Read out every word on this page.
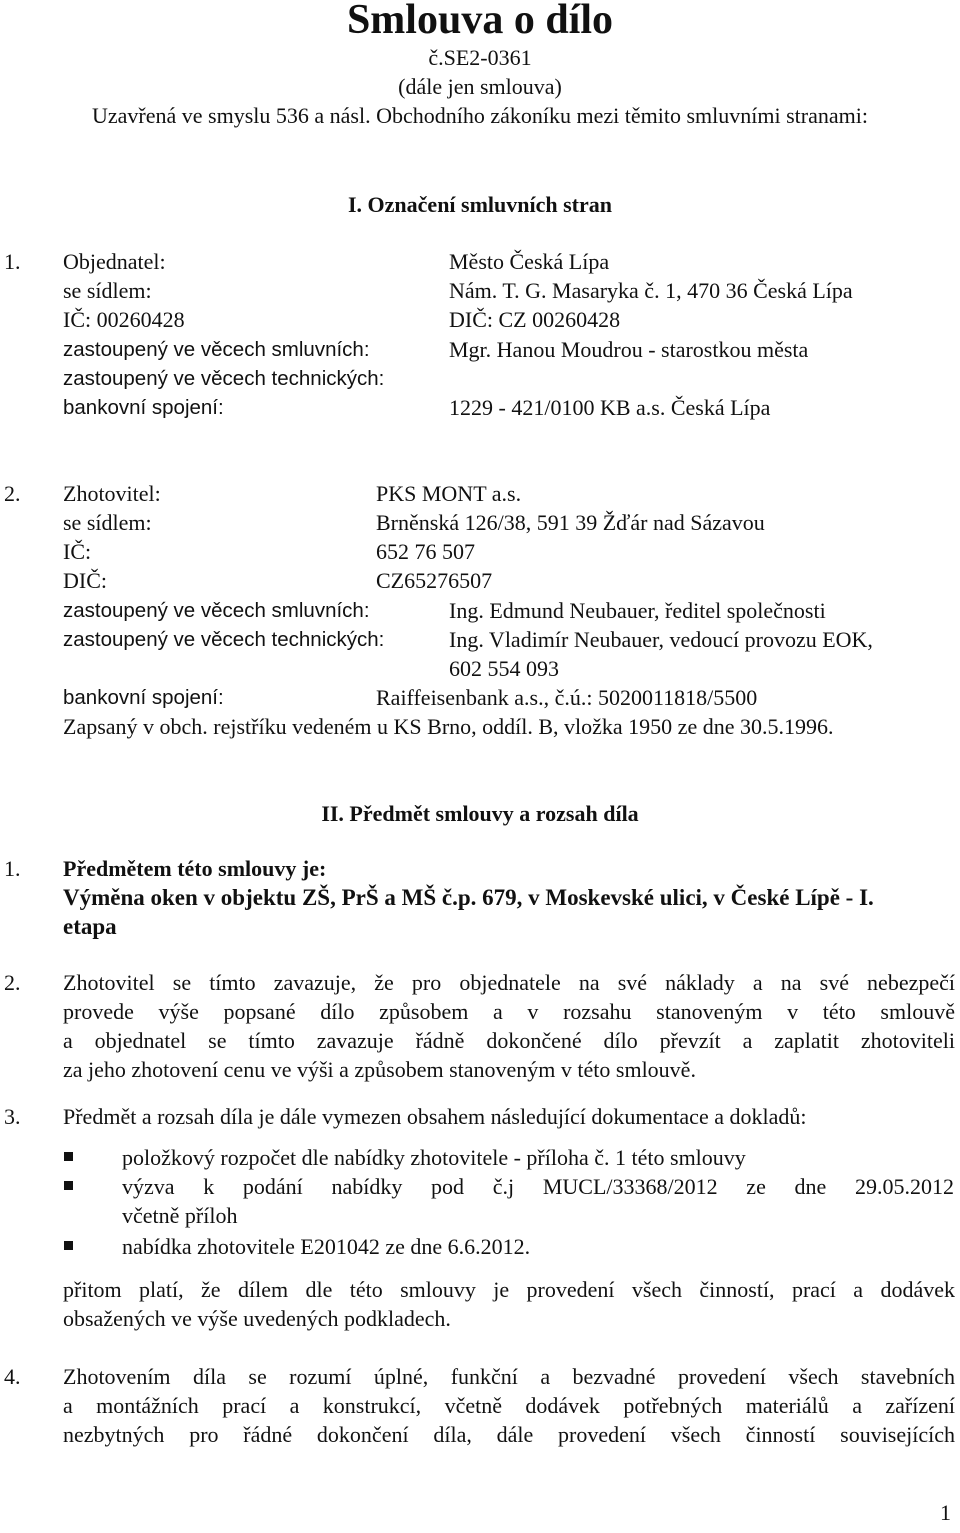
Smlouva o dílo
č.SE2-0361
(dále jen smlouva)
Uzavřená ve smyslu 536 a násl. Obchodního zákoníku mezi těmito smluvními stranami:
I. Označení smluvních stran
1. Objednatel:	Město Česká Lípa
se sídlem:	Nám. T. G. Masaryka č. 1, 470 36 Česká Lípa
IČ: 00260428	DIČ: CZ 00260428
zastoupený ve věcech smluvních:	Mgr. Hanou Moudrou - starostkou města
zastoupený ve věcech technických:
bankovní spojení:	1229 - 421/0100 KB a.s. Česká Lípa
2. Zhotovitel:	PKS MONT a.s.
se sídlem:	Brněnská 126/38, 591 39 Žďár nad Sázavou
IČ:	652 76 507
DIČ:	CZ65276507
zastoupený ve věcech smluvních:	Ing. Edmund Neubauer, ředitel společnosti
zastoupený ve věcech technických:	Ing. Vladimír Neubauer, vedoucí provozu EOK,
602 554 093
bankovní spojení:	Raiffeisenbank a.s., č.ú.: 5020011818/5500
Zapsaný v obch. rejstříku vedeném u KS Brno, oddíl. B, vložka 1950 ze dne 30.5.1996.
II. Předmět smlouvy a rozsah díla
1. Předmětem této smlouvy je:
Výměna oken v objektu ZŠ, PrŠ a MŠ č.p. 679, v Moskevské ulici, v České Lípě - I.
etapa
2. Zhotovitel se tímto zavazuje, že pro objednatele na své náklady a na své nebezpečí
provede výše popsané dílo způsobem a v rozsahu stanoveným v této smlouvě
a objednatel se tímto zavazuje řádně dokončené dílo převzít a zaplatit zhotoviteli
za jeho zhotovení cenu ve výši a způsobem stanoveným v této smlouvě.
3. Předmět a rozsah díla je dále vymezen obsahem následující dokumentace a dokladů:
položkový rozpočet dle nabídky zhotovitele - příloha č. 1 této smlouvy
výzva k podání nabídky pod č.j MUCL/33368/2012 ze dne 29.05.2012
včetně příloh
nabídka zhotovitele E201042 ze dne 6.6.2012.
přitom platí, že dílem dle této smlouvy je provedení všech činností, prací a dodávek
obsažených ve výše uvedených podkladech.
4. Zhotovením díla se rozumí úplné, funkční a bezvadné provedení všech stavebních
a montážních prací a konstrukcí, včetně dodávek potřebných materiálů a zařízení
nezbytných pro řádné dokončení díla, dále provedení všech činností souvisejících
1
